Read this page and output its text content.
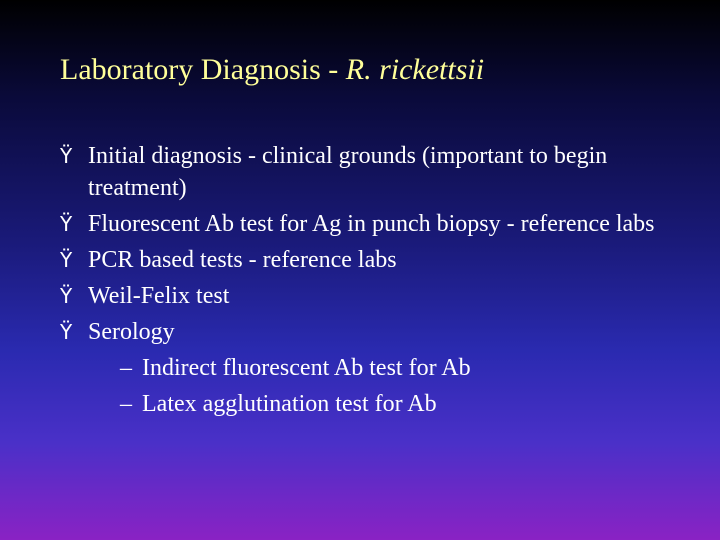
Laboratory Diagnosis - R. rickettsii
Ÿ Initial diagnosis - clinical grounds (important to begin treatment)
Ÿ Fluorescent Ab test for Ag in punch biopsy - reference labs
Ÿ PCR based tests - reference labs
Ÿ Weil-Felix test
Ÿ Serology
– Indirect fluorescent Ab test for Ab
– Latex agglutination test for Ab
